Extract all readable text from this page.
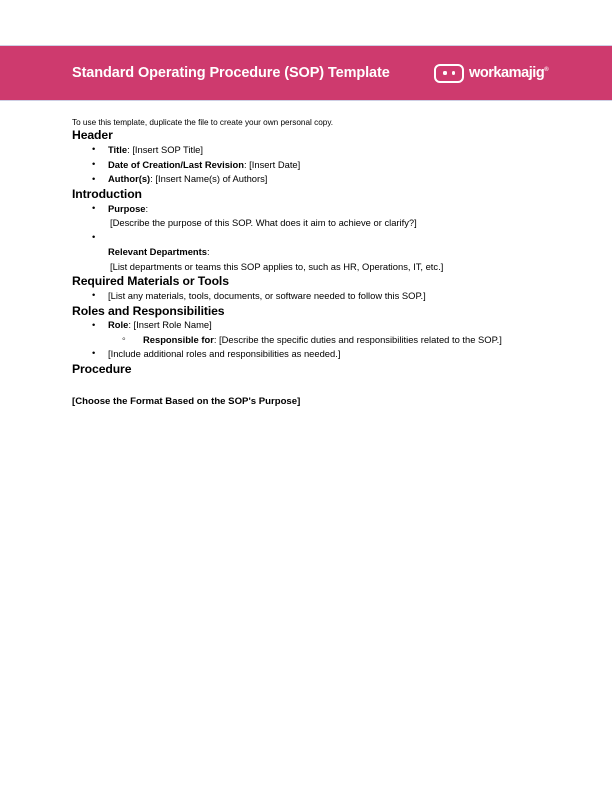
Standard Operating Procedure (SOP) Template	workamajig®

To use this template, duplicate the file to create your own personal copy.

Header
• Title: [Insert SOP Title]
• Date of Creation/Last Revision: [Insert Date]
• Author(s): [Insert Name(s) of Authors]
Introduction
• Purpose:
[Describe the purpose of this SOP. What does it aim to achieve or clarify?]
• Relevant Departments:
[List departments or teams this SOP applies to, such as HR, Operations, IT, etc.]
Required Materials or Tools
• [List any materials, tools, documents, or software needed to follow this SOP.]
Roles and Responsibilities
• Role: [Insert Role Name]
◦ Responsible for: [Describe the specific duties and responsibilities related to the SOP.]
• [Include additional roles and responsibilities as needed.]
Procedure

[Choose the Format Based on the SOP's Purpose]
